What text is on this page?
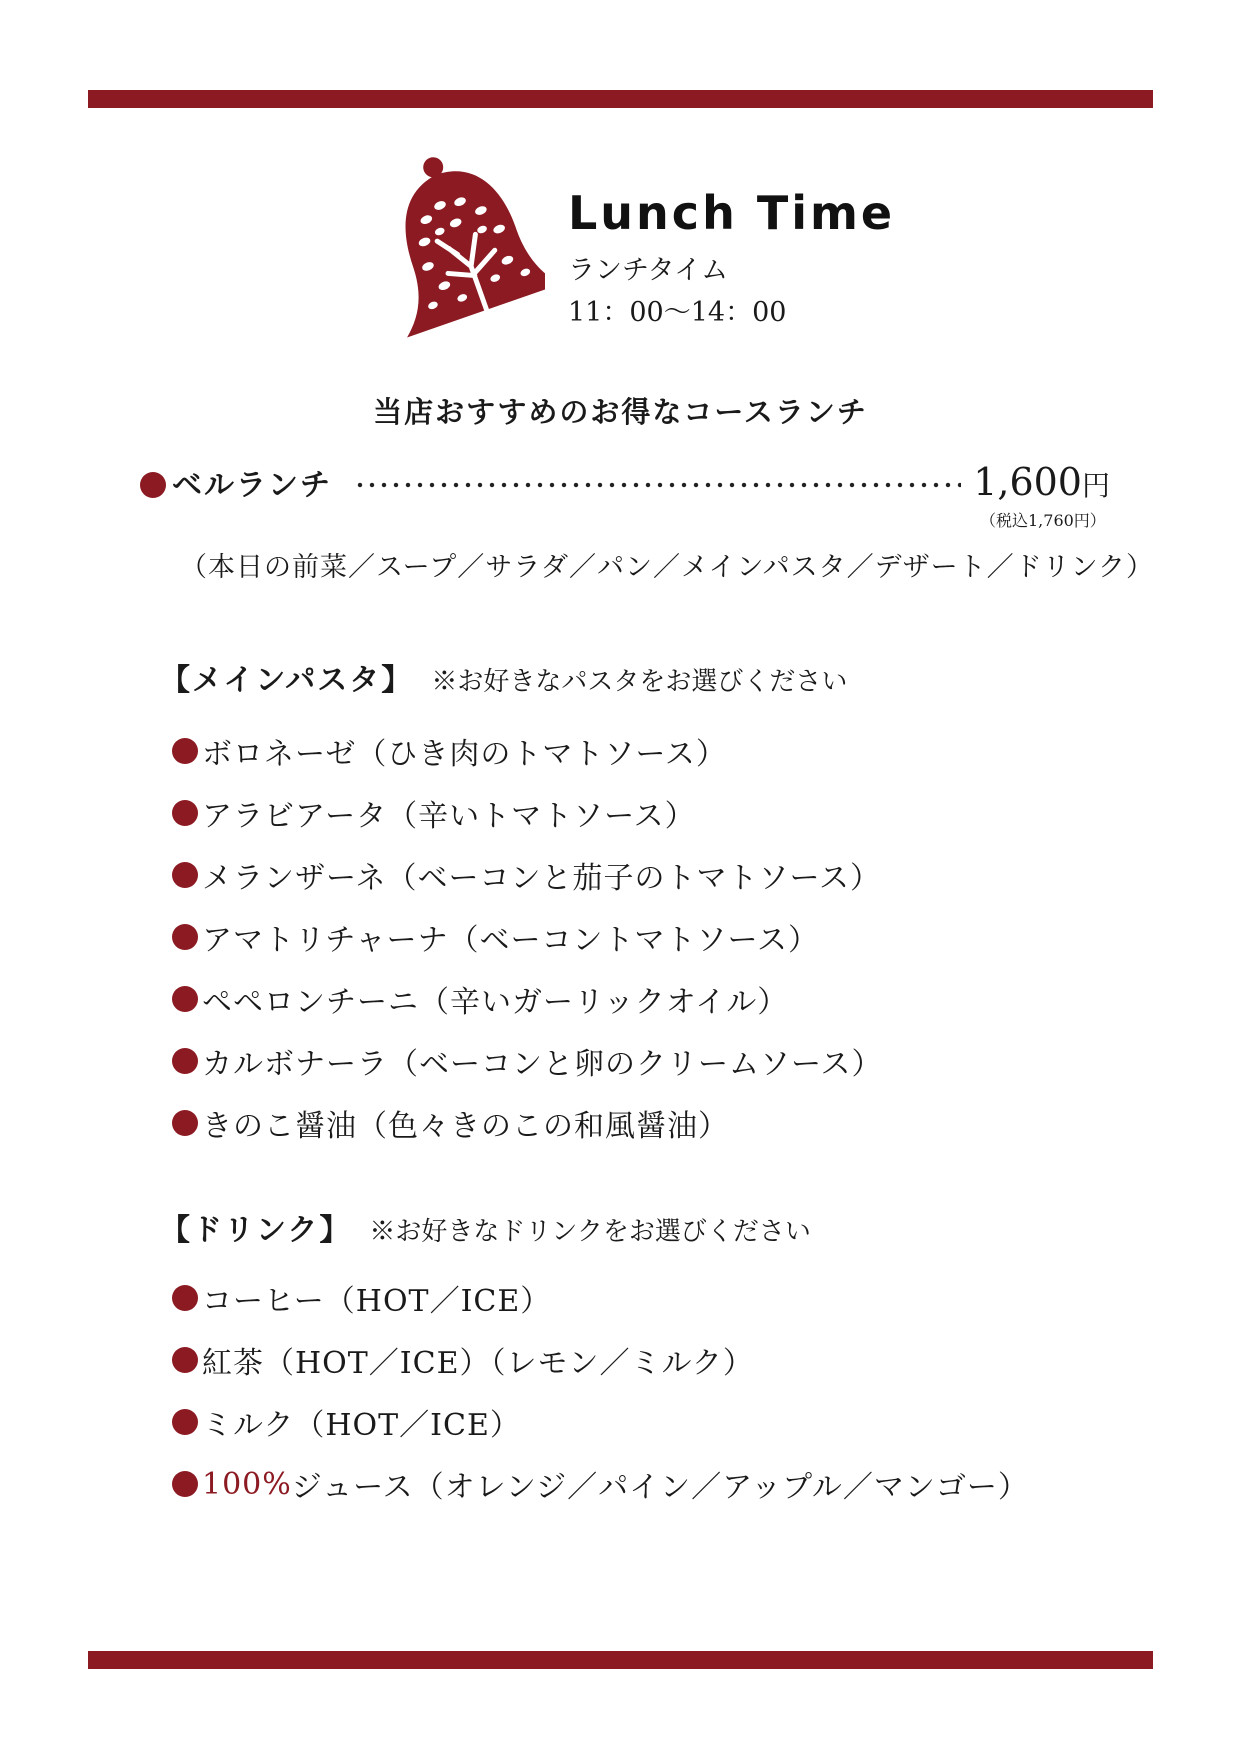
Lunch Time
ランチタイム
11：00〜14：00
当店おすすめのお得なコースランチ
ベルランチ	1,600 円
（税込1,760円）
（本日の前菜／スープ／サラダ／パン／メインパスタ／デザート／ドリンク）
【メインパスタ】 ※お好きなパスタをお選びください
ボロネーゼ（ひき肉のトマトソース）
アラビアータ（辛いトマトソース）
メランザーネ（ベーコンと茄子のトマトソース）
アマトリチャーナ（ベーコントマトソース）
ペペロンチーニ（辛いガーリックオイル）
カルボナーラ（ベーコンと卵のクリームソース）
きのこ醤油（色々きのこの和風醤油）
【ドリンク】 ※お好きなドリンクをお選びください
コーヒー（HOT／ICE）
紅茶（HOT／ICE）（レモン／ミルク）
ミルク（HOT／ICE）
100% ジュース（オレンジ／パイン／アップル／マンゴー）
